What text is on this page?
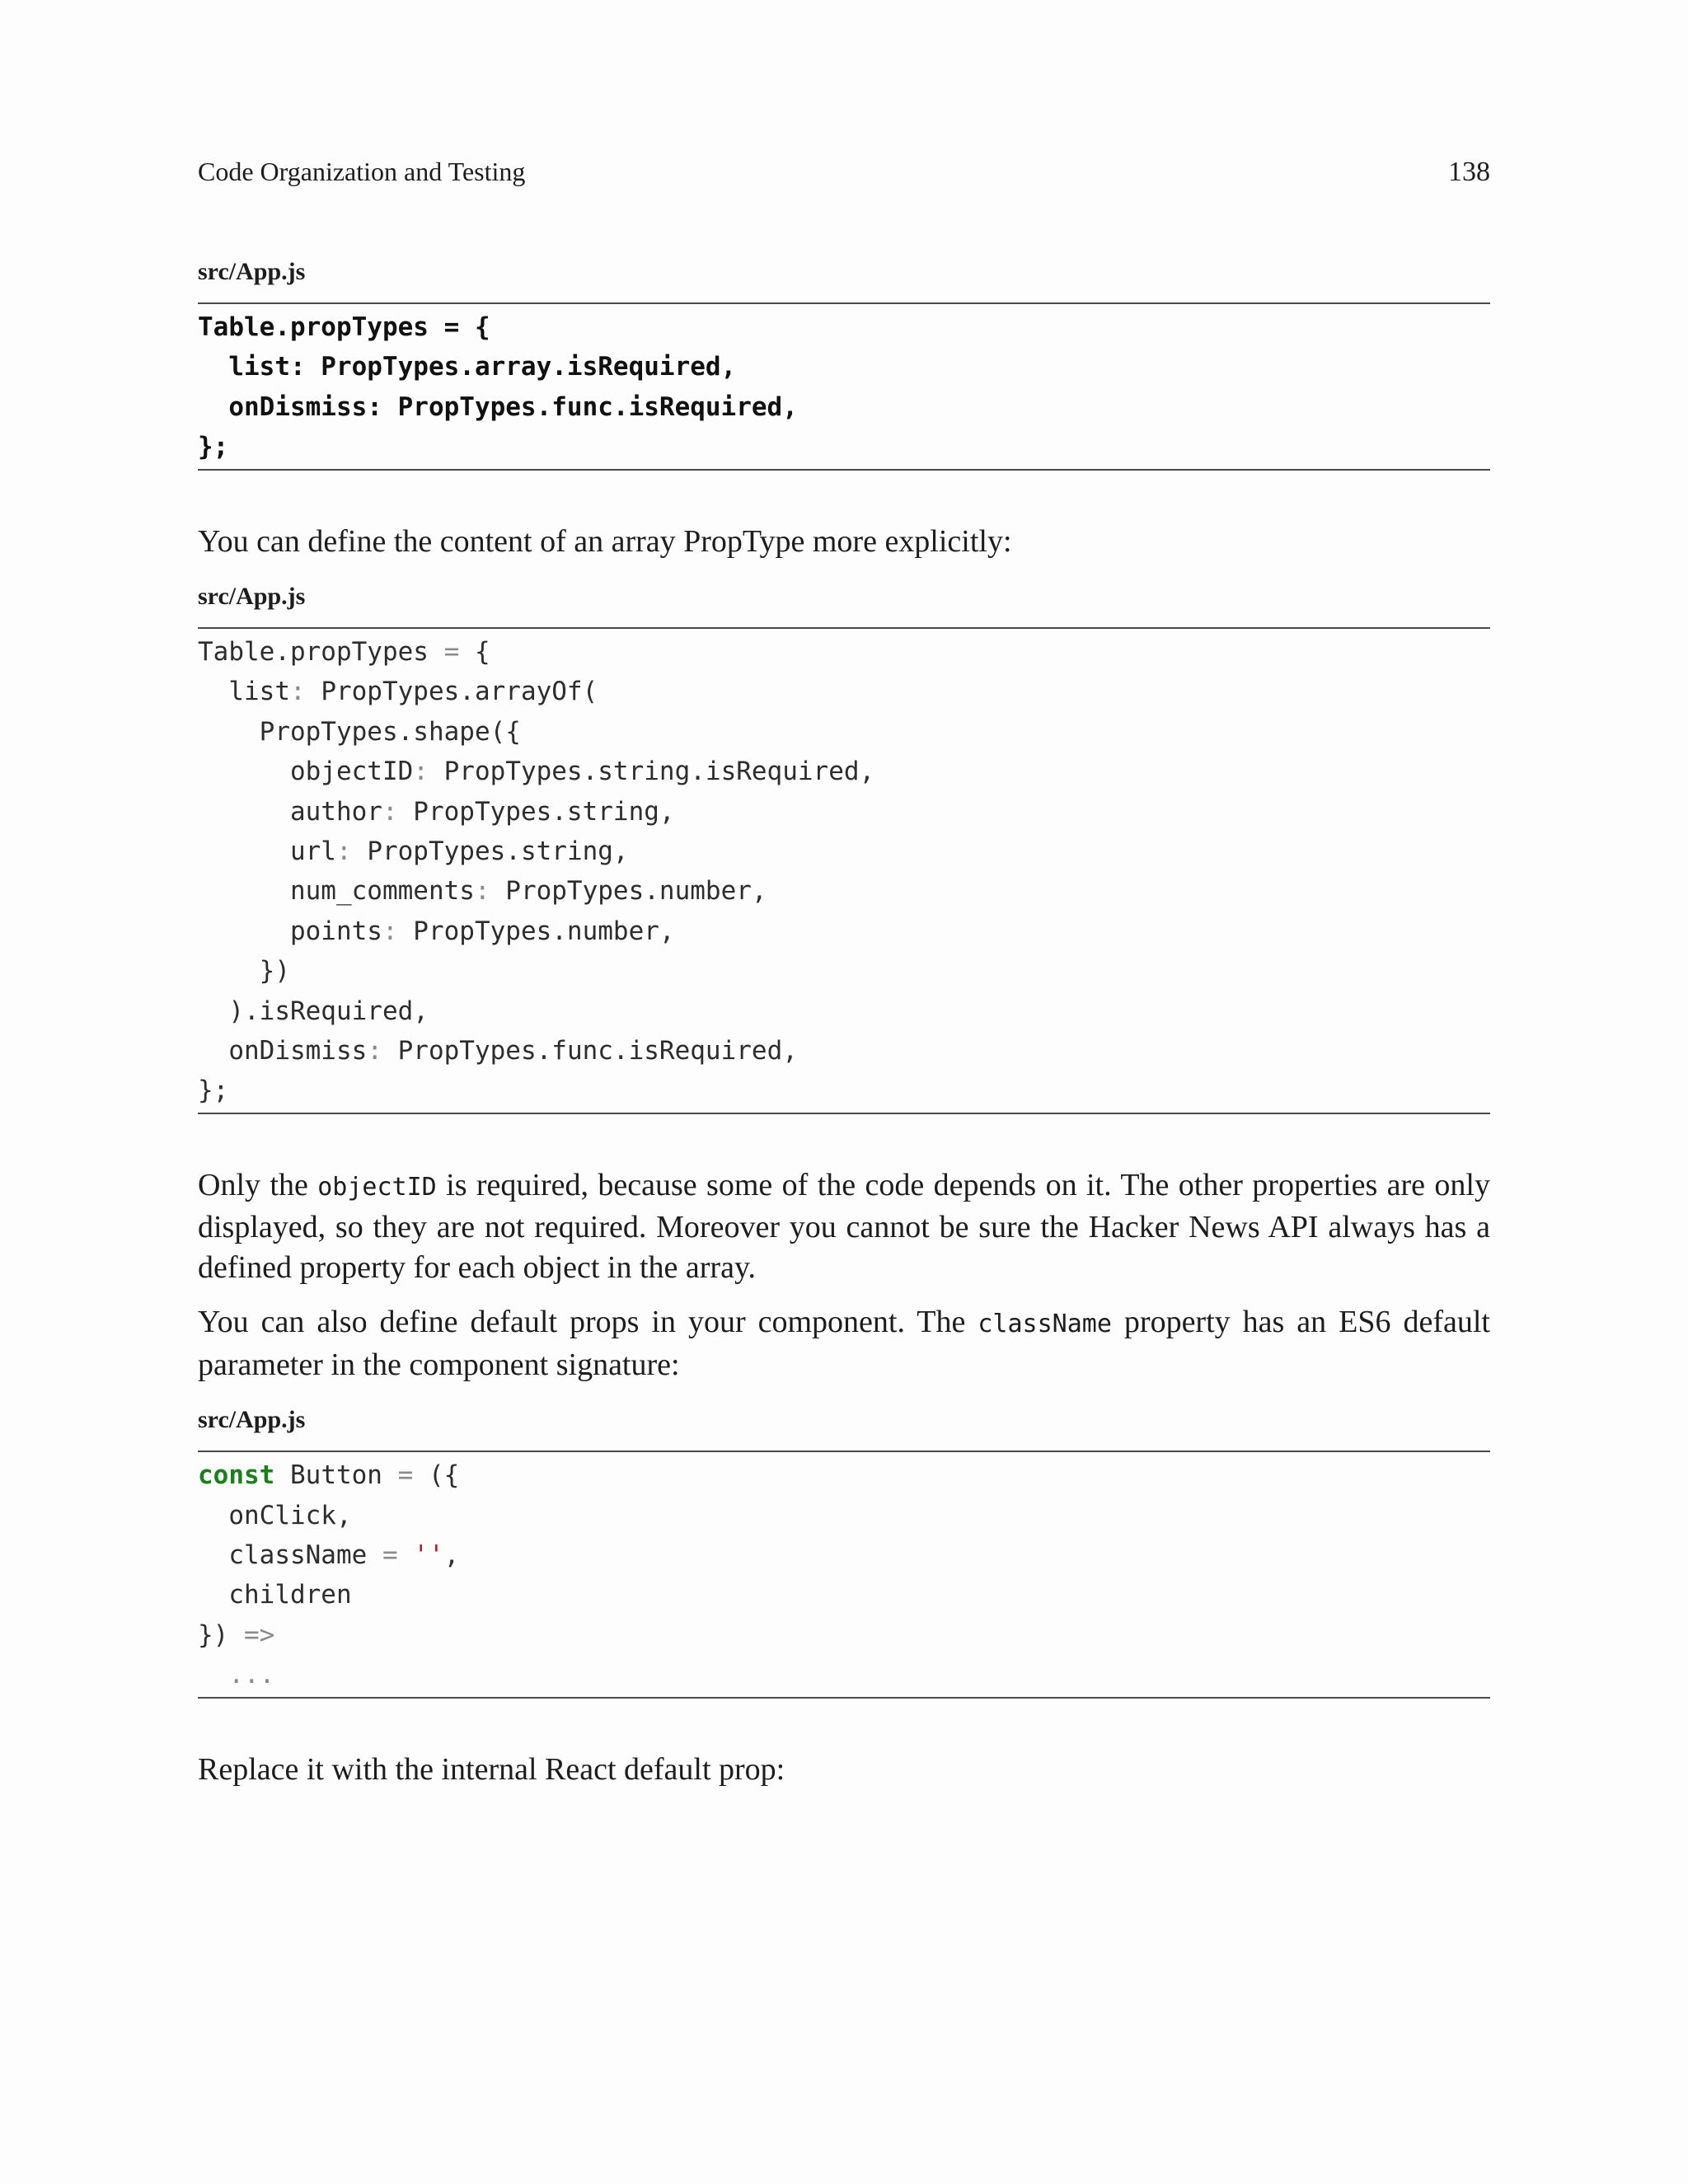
Code Organization and Testing	138
src/App.js
Table.propTypes = {
list: PropTypes.array.isRequired,
onDismiss: PropTypes.func.isRequired,
};

You can define the content of an array PropType more explicitly:

src/App.js
Table.propTypes = {
list: PropTypes.arrayOf(
PropTypes.shape({
objectID: PropTypes.string.isRequired,
author: PropTypes.string,
url: PropTypes.string,
num_comments: PropTypes.number,
points: PropTypes.number,
})
).isRequired,
onDismiss: PropTypes.func.isRequired,
};

Only the objectID is required, because some of the code depends on it. The other properties are only displayed, so they are not required. Moreover you cannot be sure the Hacker News API always has a defined property for each object in the array.

You can also define default props in your component. The className property has an ES6 default parameter in the component signature:

src/App.js
const Button = ({
onClick,
className = '',
children
}) =>
...

Replace it with the internal React default prop:
